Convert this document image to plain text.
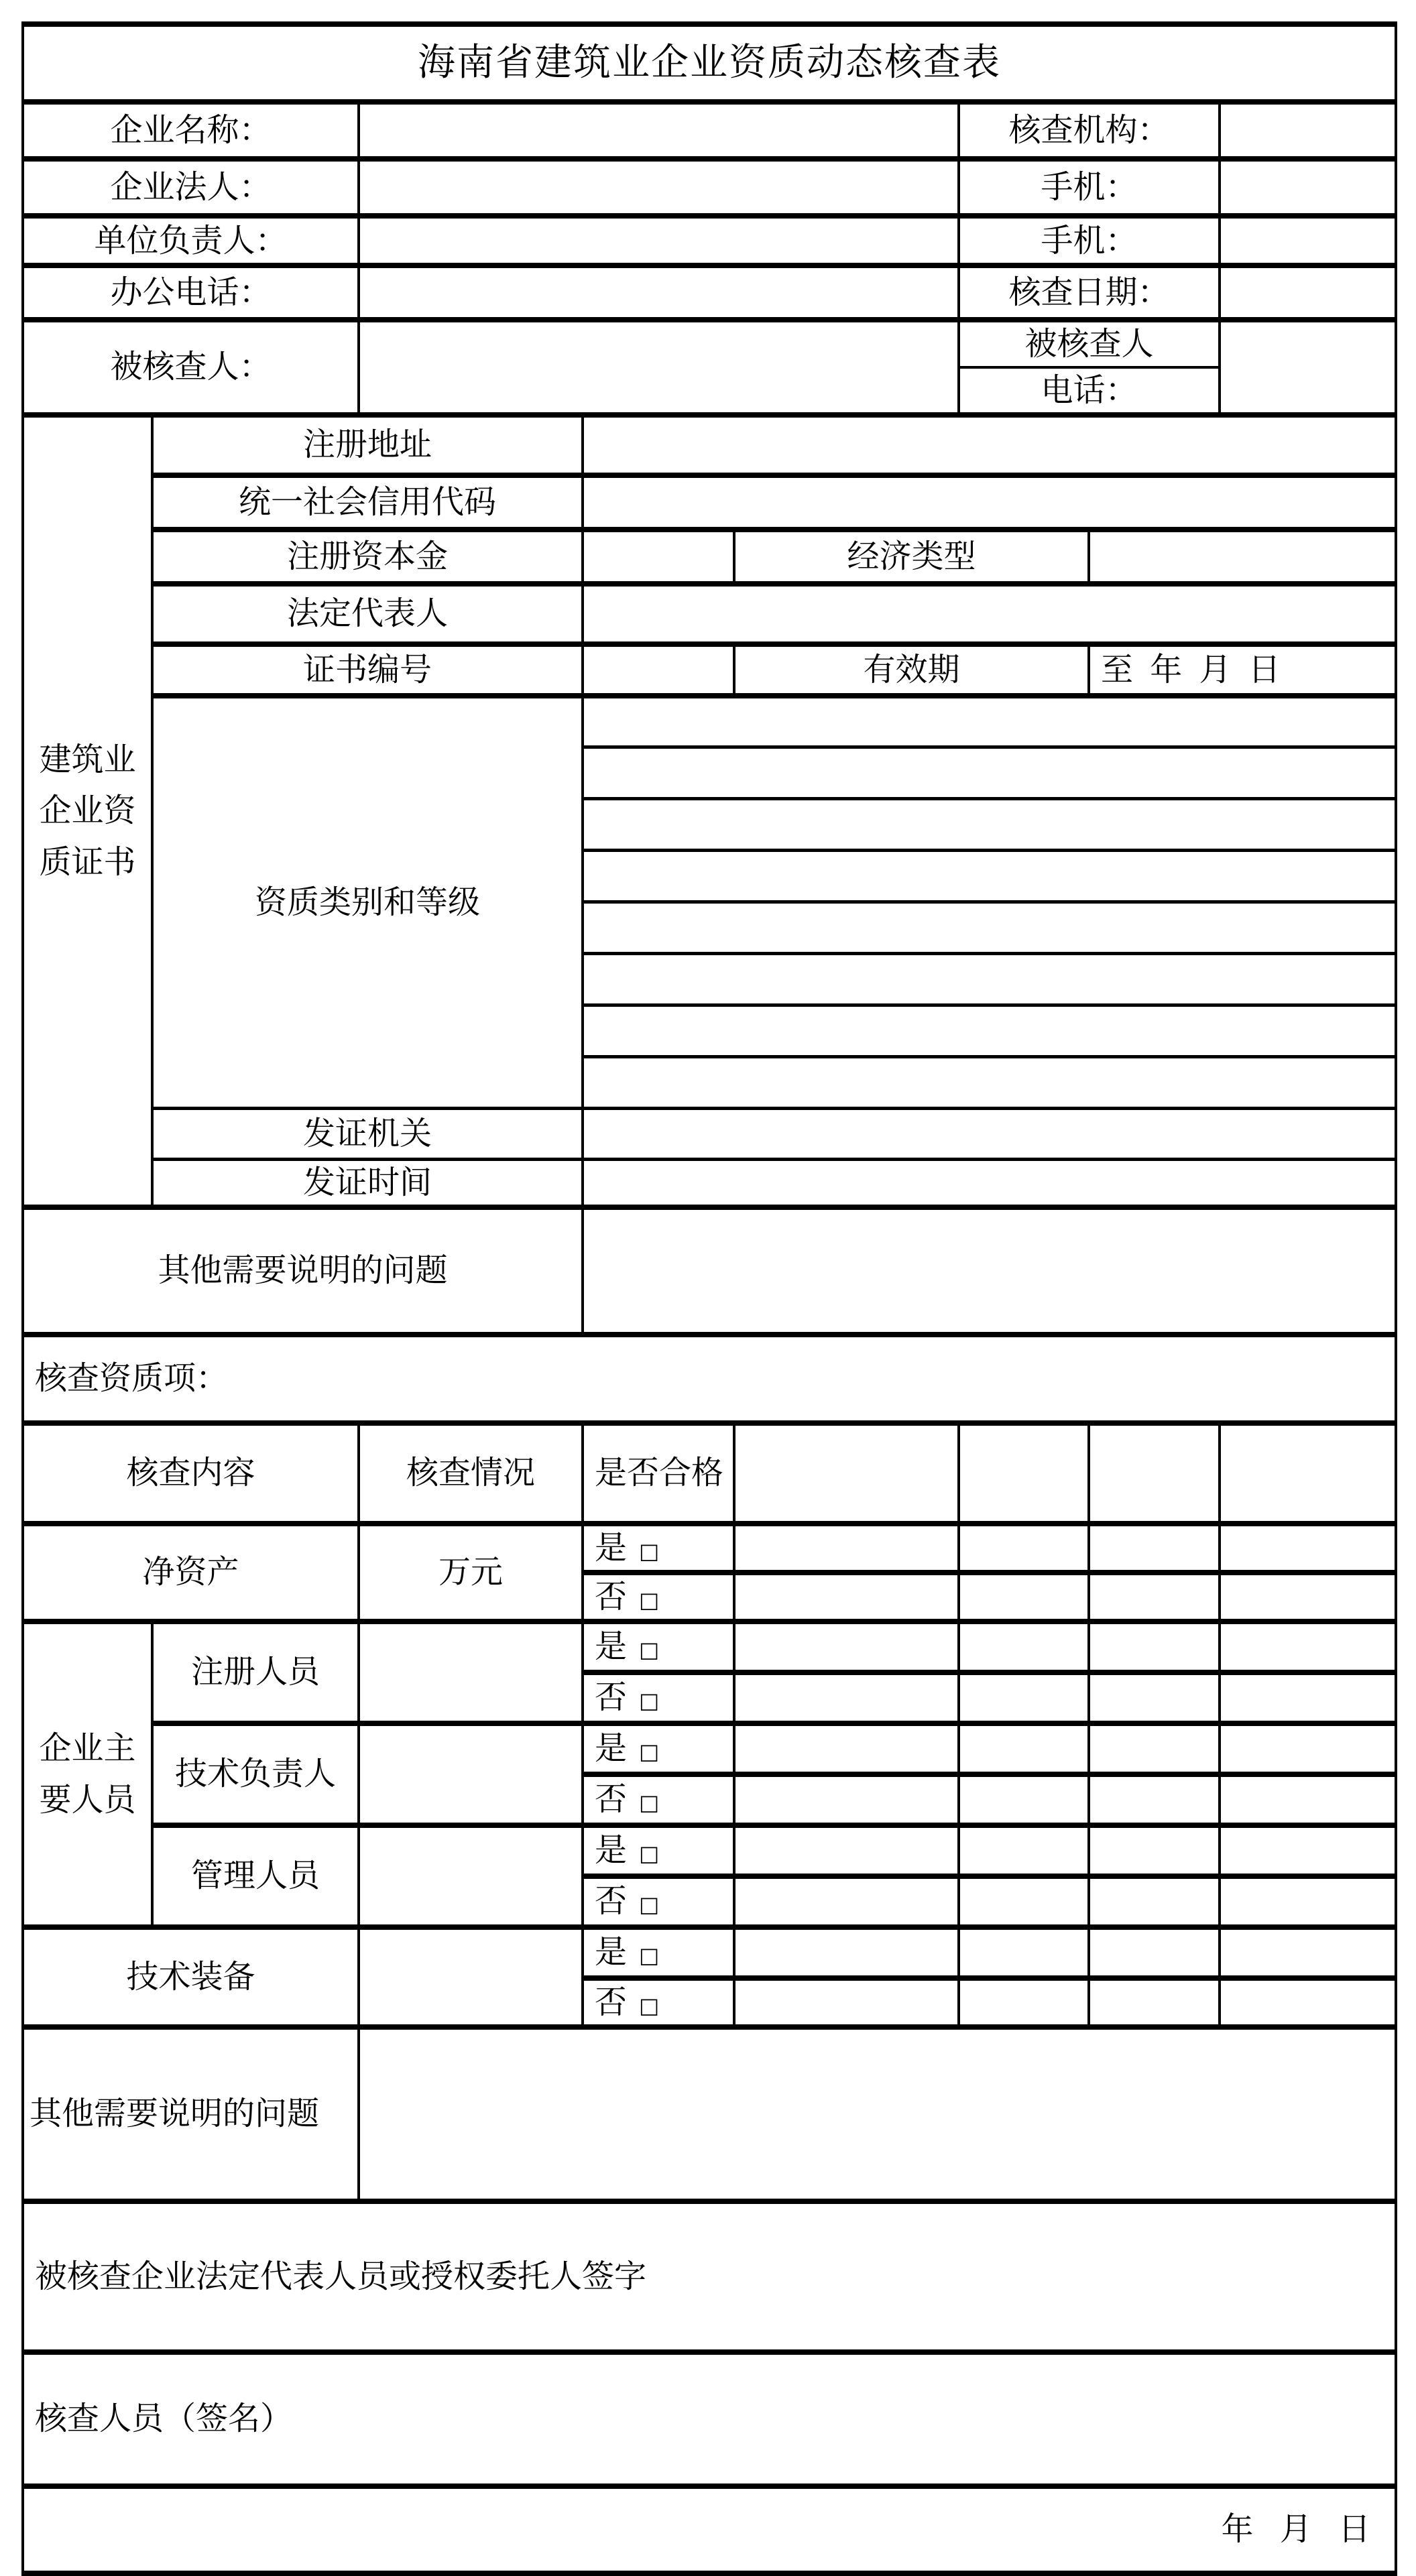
海南省建筑业企业资质动态核查表							
企业名称：					核查机构：		
企业法人：					手机：		
单位负责人：					手机：		
办公电话：					核查日期：		
被核查人：					被核查人		
					电话：		
建筑业企业资质证书	注册地址						
	统一社会信用代码						
	注册资本金			经济类型			
	法定代表人						
	证书编号			有效期		至 年 月 日	
	资质类别和等级						

	发证机关						
	发证时间						
其他需要说明的问题							
核查资质项：							
核查内容		核查情况	是否合格				
净资产		万元	是 □				
			否 □				
企业主要人员	注册人员		是 □				
			否 □				
	技术负责人		是 □				
			否 □				
	管理人员		是 □				
			否 □				
技术装备			是 □				
			否 □				
其他需要说明的问题							
被核查企业法定代表人员或授权委托人签字							
核查人员（签名）							
年 月 日							
